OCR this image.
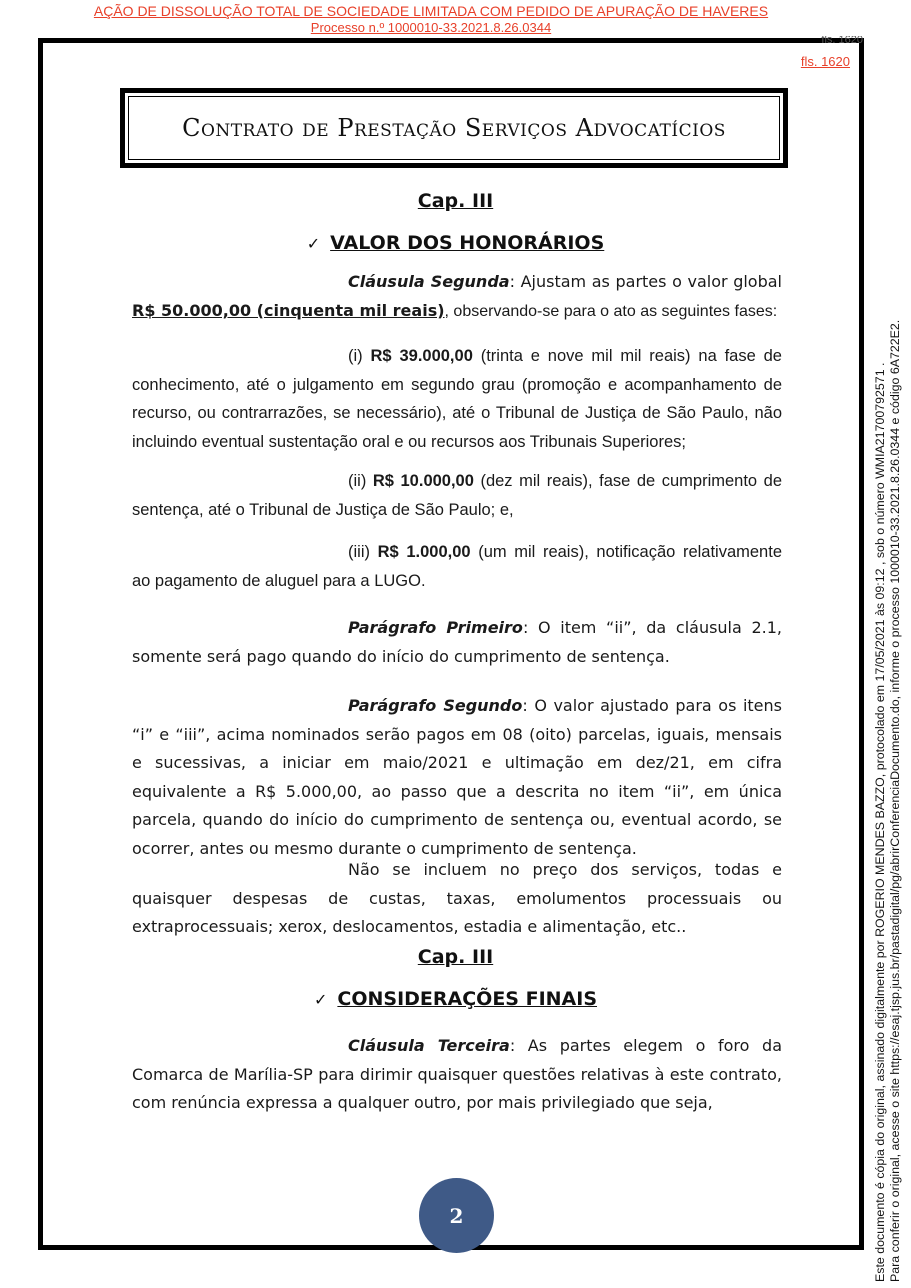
AÇÃO DE DISSOLUÇÃO TOTAL DE SOCIEDADE LIMITADA COM PEDIDO DE APURAÇÃO DE HAVERES
Processo n.º 1000010-33.2021.8.26.0344
fls. 1620
fls. 1620
Contrato de Prestação Serviços Advocatícios
Cap. III
✓ VALOR DOS HONORÁRIOS
Cláusula Segunda: Ajustam as partes o valor global R$ 50.000,00 (cinquenta mil reais), observando-se para o ato as seguintes fases:
(i) R$ 39.000,00 (trinta e nove mil mil reais) na fase de conhecimento, até o julgamento em segundo grau (promoção e acompanhamento de recurso, ou contrarrazões, se necessário), até o Tribunal de Justiça de São Paulo, não incluindo eventual sustentação oral e ou recursos aos Tribunais Superiores;
(ii) R$ 10.000,00 (dez mil reais), fase de cumprimento de sentença, até o Tribunal de Justiça de São Paulo; e,
(iii) R$ 1.000,00 (um mil reais), notificação relativamente ao pagamento de aluguel para a LUGO.
Parágrafo Primeiro: O item “ii”, da cláusula 2.1, somente será pago quando do início do cumprimento de sentença.
Parágrafo Segundo: O valor ajustado para os itens “i” e “iii”, acima nominados serão pagos em 08 (oito) parcelas, iguais, mensais e sucessivas, a iniciar em maio/2021 e ultimação em dez/21, em cifra equivalente a R$ 5.000,00, ao passo que a descrita no item “ii”, em única parcela, quando do início do cumprimento de sentença ou, eventual acordo, se ocorrer, antes ou mesmo durante o cumprimento de sentença.
Não se incluem no preço dos serviços, todas e quaisquer despesas de custas, taxas, emolumentos processuais ou extraprocessuais; xerox, deslocamentos, estadia e alimentação, etc..
Cap. III
✓ CONSIDERAÇÕES FINAIS
Cláusula Terceira: As partes elegem o foro da Comarca de Marília-SP para dirimir quaisquer questões relativas à este contrato, com renúncia expressa a qualquer outro, por mais privilegiado que seja,
2	Este documento é cópia do original, assinado digitalmente por ROGERIO MENDES BAZZO, protocolado em 17/05/2021 às 09:12 , sob o número WMIA21700792571 . Para conferir o original, acesse o site https://esaj.tjsp.jus.br/pastadigital/pg/abrirConferenciaDocumento.do, informe o processo 1000010-33.2021.8.26.0344 e código 6A722E2.
